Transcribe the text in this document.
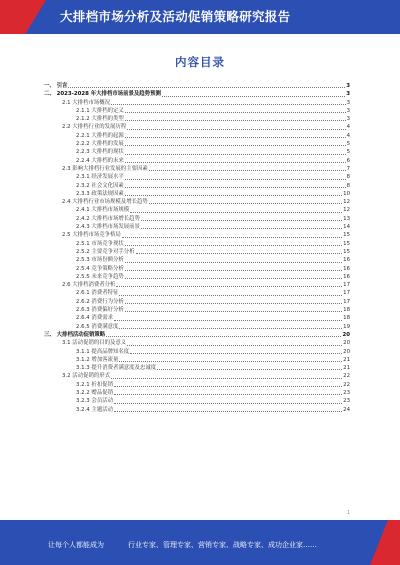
大排档市场分析及活动促销策略研究报告
内容目录
一、 引言	3
二、 2023-2028 年大排档市场前景及趋势预测	3
2.1 大排档市场概况	3
2.1.1 大排档的定义	3
2.1.2 大排档的类型	3
2.2 大排档行业的发展历程	4
2.2.1 大排档的起源	4
2.2.2 大排档的发展	5
2.2.3 大排档的现状	5
2.2.4 大排档的未来	6
2.3 影响大排档行业发展的主要因素	7
2.3.1 经济发展水平	8
2.3.2 社会文化因素	8
2.3.3 政策法规因素	10
2.4 大排档行业市场规模及增长趋势	12
2.4.1 大排档市场规模	12
2.4.2 大排档市场增长趋势	13
2.4.3 大排档市场发展前景	14
2.5 大排档市场竞争格局	15
2.5.1 市场竞争现状	15
2.5.2 主要竞争对手分析	15
2.5.3 市场份额分析	16
2.5.4 竞争策略分析	16
2.5.5 未来竞争趋势	16
2.6 大排档消费者分析	17
2.6.1 消费者特征	17
2.6.2 消费行为分析	17
2.6.3 消费偏好分析	18
2.6.4 消费需求	18
2.6.5 消费满意度	19
三、 大排档活动促销策略	20
3.1 活动促销的目的及意义	20
3.1.1 提高品牌知名度	20
3.1.2 增加客流量	21
3.1.3 提升消费者满意度及忠诚度	21
3.2 活动促销的形式	22
3.2.1 折扣促销	22
3.2.2 赠品促销	23
3.2.3 会员活动	23
3.2.4 主题活动	24
1
让每个人都能成为	行业专家、管理专家、营销专家、战略专家、成功企业家……
